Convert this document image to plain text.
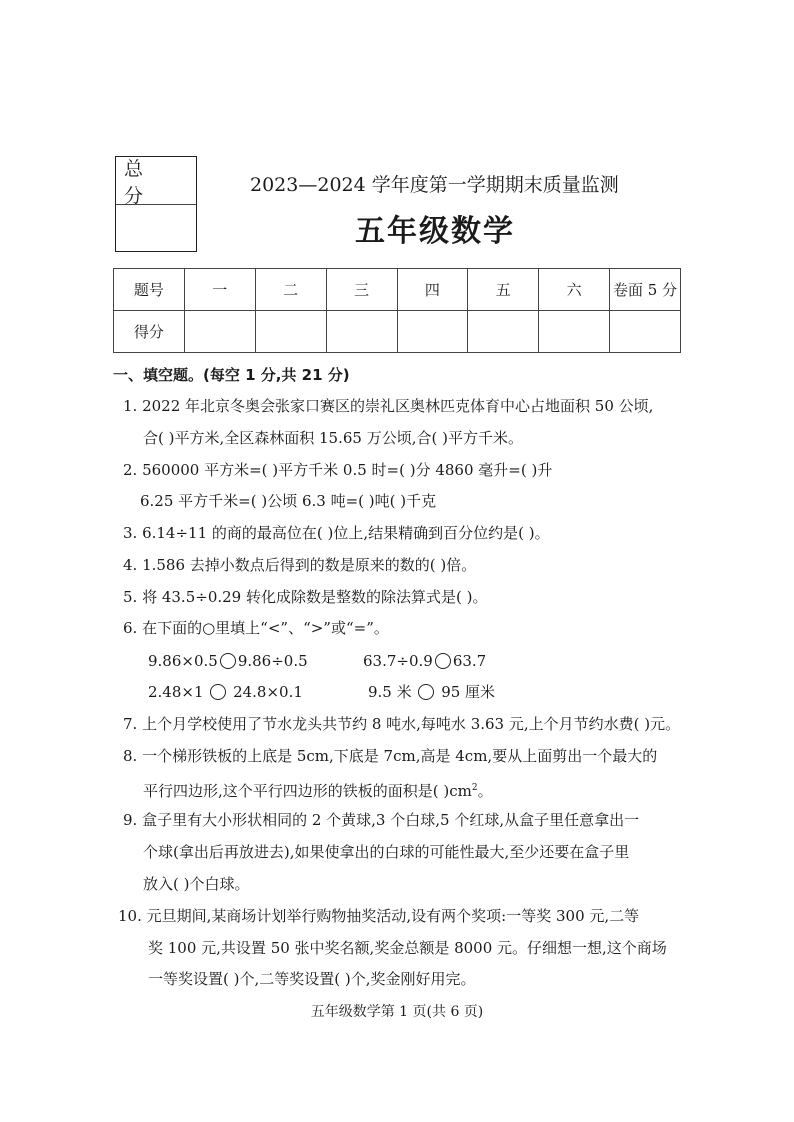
总 分	2023—2024 学年度第一学期期末质量监测
五年级数学
题号	一	二	三	四	五	六	卷面 5 分
得分							
一、填空题。(每空 1 分,共 21 分)
1. 2022 年北京冬奥会张家口赛区的崇礼区奥林匹克体育中心占地面积 50 公顷,
合( )平方米,全区森林面积 15.65 万公顷,合( )平方千米。
2. 560000 平方米=( )平方千米 0.5 时=( )分 4860 毫升=( )升
6.25 平方千米=( )公顷 6.3 吨=( )吨( )千克
3. 6.14÷11 的商的最高位在( )位上,结果精确到百分位约是( )。
4. 1.586 去掉小数点后得到的数是原来的数的( )倍。
5. 将 43.5÷0.29 转化成除数是整数的除法算式是( )。
6. 在下面的○里填上“<”、“>”或“=”。
9.86×0.5 9.86÷0.5	63.7÷0.9 63.7
2.48×1 24.8×0.1	9.5 米 95 厘米
7. 上个月学校使用了节水龙头共节约 8 吨水,每吨水 3.63 元,上个月节约水费( )元。
8. 一个梯形铁板的上底是 5cm,下底是 7cm,高是 4cm,要从上面剪出一个最大的
平行四边形,这个平行四边形的铁板的面积是( )$cm^2$。
9. 盒子里有大小形状相同的 2 个黄球,3 个白球,5 个红球,从盒子里任意拿出一
个球(拿出后再放进去),如果使拿出的白球的可能性最大,至少还要在盒子里
放入( )个白球。
10. 元旦期间,某商场计划举行购物抽奖活动,设有两个奖项:一等奖 300 元,二等
奖 100 元,共设置 50 张中奖名额,奖金总额是 8000 元。仔细想一想,这个商场
一等奖设置( )个,二等奖设置( )个,奖金刚好用完。
五年级数学第 1 页(共 6 页)
